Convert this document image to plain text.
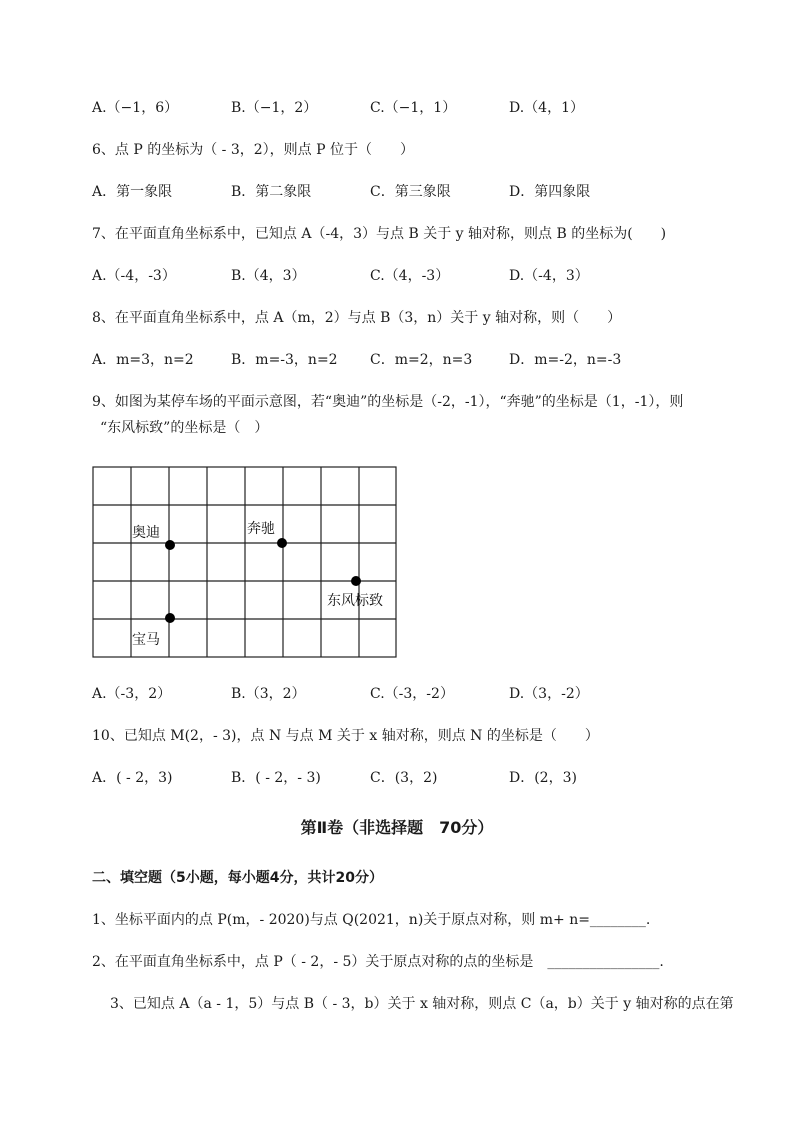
A.（−1，6）	B.（−1，2）	C.（−1，1）	D.（4，1）
6、点 P 的坐标为（ - 3，2），则点 P 位于（　　）
A．第一象限	B．第二象限	C．第三象限	D．第四象限
7、在平面直角坐标系中，已知点 A（-4，3）与点 B 关于 y 轴对称，则点 B 的坐标为(　　)
A.（-4，-3）	B.（4，3）	C.（4，-3）	D.（-4，3）
8、在平面直角坐标系中，点 A（m，2）与点 B（3，n）关于 y 轴对称，则（　　）
A．m=3，n=2	B．m=-3，n=2 C．m=2，n=3	D．m=-2，n=-3
9、如图为某停车场的平面示意图，若“奥迪”的坐标是（-2，-1），“奔驰”的坐标是（1，-1），则
“东风标致”的坐标是（　）
奥迪	奔驰
东风标致
宝马
A.（-3，2）	B.（3，2）	C.（-3，-2）	D.（3，-2）
10、已知点 M(2，- 3)，点 N 与点 M 关于 x 轴对称，则点 N 的坐标是（　　）
A．( - 2，3)	B．( - 2，- 3)	C．(3，2)	D．(2，3)
第Ⅱ卷（非选择题　70分）
二、填空题（5小题，每小题4分，共计20分）
1、坐标平面内的点 P(m，- 2020)与点 Q(2021，n)关于原点对称，则 m+ n=________.
2、在平面直角坐标系中，点 P（ - 2，- 5）关于原点对称的点的坐标是　________________.
3、已知点 A（a - 1，5）与点 B（ - 3，b）关于 x 轴对称，则点 C（a，b）关于 y 轴对称的点在第
